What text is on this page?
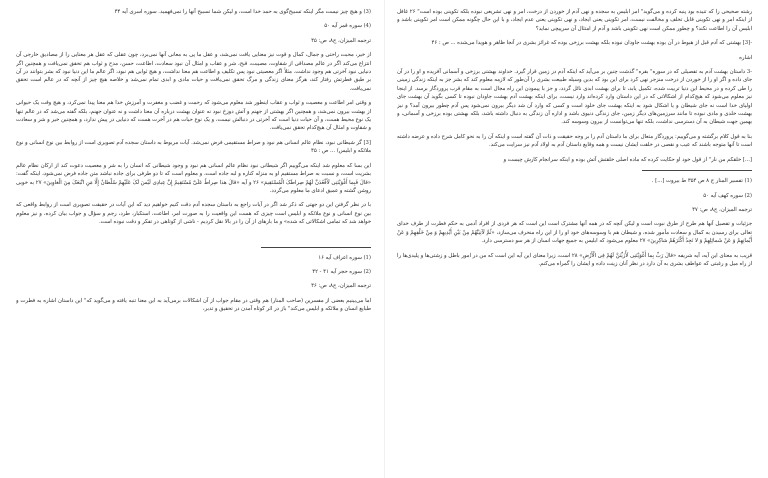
(3) و هیچ چیز نیست مگر اینکه تسبیح‌گوی به حمد خدا است، و لیکن شما تسبیح آنها را نمی‌فهمید. سوره اسری آیه ۴۴

(4) سوره قمر آیه ۵۰

ترجمه المیزان، ج۸، ص: ۴۵

از خیر، محبت راحتی و جمال، کمال و قوت نیز معنایی یافت نمی‌شد، و عقل ما پی به معانی آنها نمی‌برد، چون عقلی که عقل هر معنایی را از مصادیق خارجی آن انتزاع می‌کند اگر در عالم مصداقی از شقاوت، مصیبت، قبح، شر و عقاب و امثال آن نبود سعادت، اطاعت، حسن، مدح و ثواب هم تحقق نمی‌یافت و همچنین اگر دنیایی نبود آخرتی هم وجود نداشت. مثلاً اگر معصیتی نبود پس تکلیف و اطاعت هم معنا نداشت، و هیچ ثوابی هم نبود، اگر عالم ما این دنیا نبود که بشر بتوانند در آن بر طبق فطرتش رفتار کند، هرگز معنای زندگی و مرگ تحقق نمی‌یافت و حیات مادی و ابدی تمام نمی‌شد و خلاصه هیچ چیز از آنچه که در عالم است تحقق نمی‌یافت.

و وقتی امر اطاعت و معصیت و ثواب و عقاب اینطور شد معلوم می‌شود که رحمت و غضب و مغفرت و آمرزش خدا هم معنا پیدا نمی‌کرد، و هیچ وقت یک حیوانی از بهشت بیرون نمی‌شد، و همچنین اگر بهشتی از جهنم و آتش دوزخ نبود نه عنوان بهشت درباره آن معنا داشت و نه عنوان جهنم، بلکه گفته می‌شد که در عالم تنها یک نوع محیط هست، و آن حیات دنیا است که آخرتی در دنبالش نیست، و یک نوع حیات هم در آخرت هست که دنیایی در پیش ندارد، و همچنین خیر و شر و سعادت و شقاوت و امثال آن هیچ‌کدام تحقق نمی‌یافت.

[3] گر شیطانی نبود، نظام عالم انسانی هم نبود و صراط مستقیمی فرض نمی‌شد. آیات مربوط به داستان سجده آدم تصویری است از روابط بین نوع انسانی و نوع ملائکه و ابلیس) ... ص : ۴۵

این بسا که معلوم شد اینکه می‌گوییم اگر شیطانی نبود نظام عالم انسانی هم نبود و وجود شیطانی که انسان را به شر و معصیت دعوت کند از ارکان نظام عالم بشریت است، و نسبت به صراط مستقیم او به منزله کناره و لبه جاده است، و معلوم است که تا دو طرفی برای جاده نباشد متن جاده فرض نمی‌شود، اینکه گفت: «قالَ فَبِما أَغْوَیْتَنِی لَأَقْعُدَنَّ لَهُمْ صِراطَکَ الْمُسْتَقِیمَ» ۲۶ و آیه «قالَ هذا صِراطٌ عَلَیَّ مُسْتَقِیمٌ إِنَّ عِبادِی لَیْسَ لَکَ عَلَیْهِمْ سُلْطانٌ إِلَّا مَنِ اتَّبَعَکَ مِنَ الْغاوِینَ» ۲۷ به خوبی روشن گشته و عمیق ادعای ما معلوم می‌گردد.

با در نظر گرفتن این دو جهتی که ذکر شد اگر در آیات راجع به داستان سجده آدم دقت کنیم خواهیم دید که این آیات در حقیقت تصویری است از روابط واقعی که بین نوع انسانی و نوع ملائکه و ابلیس است چیزی که هست این واقعیت را به صورت امر، اطاعت، استکبار، طرد، رجم و سؤال و جواب بیان کرده، و نیز معلوم خواهد شد که تمامی اشکالاتی که شده» و ما بارهای از آن را در بالا نقل کردیم - ناشی از کوتاهی در تفکر و دقت نبوده است.

(1) سوره اعراف آیه ۱۶

(2) سوره حجر آیه ۴۱ - ۴۲

ترجمه المیزان، ج۸، ص: ۴۶

اما می‌بینیم بعضی از مفسرین (صاحب المنار) هم وقتی در مقام جواب از آن اشکالات برمی‌آید به این معنا تنبه یافته و می‌گوید که" این داستان اشاره به فطرت و طبایع انسان و ملائکه و ابلیس می‌کند" باز در اثر کوتاه آمدن در تحقیق و تدبر،

رشته صحیحی را که تنیده بود پنبه کرده و می‌گوید" امر ابلیس به سجده و نهی آدم از خوردن از درخت، امر و نهی تشریعی نبوده بلکه تکوینی بوده است" ۲۶ غافل از اینکه امر و نهی تکوینی قابل تخلف و مخالفت نیست، امر تکوینی یعنی ایجاد، و نهی تکوینی یعنی عدم ایجاد، و با این حال چگونه ممکن است امر تکوینی باشد و ابلیس آن را اطاعت نکند؟ و چطور ممکن است نهی تکوینی باشد و آدم از امتثال آن سرپیچی نماید؟

-[3] بهشتی که آدم قبل از هبوط در آن بوده بهشت جاودان نبوده بلکه بهشت برزخی بوده که غرائز بشری در آنجا ظاهر و هویدا می‌شده ... ص : ۴۶

اشاره

-3 داستان بهشت آدم به تفصیلی که در سوره" بقره" گذشت چنین بر می‌آید که اینکه آدم در زمین قرار گیرد. خداوند بهشتی برزخی و آسمانی آفریده و او را در آن جای داده و اگر او را از خوردن از درخت منزجر نهی کرد برای این بود که بدین وسیله طبیعت بشری را آن‌طور که لازمه معلوم کند که بشر جز به اینکه زندگی زمینی را طی کرده و در محیط این دنیا تربیت شده، تکمیل یابد، تا برای بهشت ابدی نائل گردد، و جز با پیمودن این راه مجال است به مقام قرب پروردگار برسد. از اینجا نیز معلوم می‌شود که هیچ‌کدام از اشکالاتی که در این داستان وارد کرده‌اند وارد نیست، برای اینکه بهشت آدم بهشت جاودان نبوده تا کسی بگوید آن بهشت جای اولیای خدا است نه جای شیطان و یا اشکال شود به اینکه بهشت جای خلود است و کسی که وارد آن شد دیگر بیرون نمی‌شود پس آدم چطور بیرون آمد؟ و نیز بهشت خلدی و مادی نبوده تا مانند سرزمین‌های دیگر زمین، جای زندگی دنیوی باشد و اداره آن زندگی به دنبال داشته باشد، بلکه بهشتی بوده برزخی و آسمانی، و بهمین جهت شیطان به آن دسترسی نداشت، بلکه تنها می‌توانست از بیرون وسوسه کند.

بنا به قول کلام برگشته و می‌گوییم: پروردگار متعال برای ما داستان آدم را بر وجه حقیقت و ذات آن گفته است و اینکه آن را به نحو کامل شرح داده و عرضه داشته است تا آنها متوجه باشند که عیب و نقصی در خلقت ایشان نیست و همه وقایع داستان آدم به اولاد آدم نیز سرایت می‌کند.

[...] خلقکم من نار" از قول خود او حکایت کرده که ماده اصلی خلقتش آتش بوده و اینکه سرانجام کارش چیست و

(1) تفسیر المنار ج ۸ ص ۳۵۴ ط بیروت [...] .

(2) سوره کهف آیه ۵۰

ترجمه المیزان، ج۸، ص: ۴۷

جزئیات و تفصیل آنها هم طرح از طرق نبوت است و لیکن آنچه که در همه آنها مشترک است این است که هر فردی از افراد آدمی به حکم فطرت از طرف خدای تعالی برای رسیدن به کمال و سعادت مأمور شده، و شیطان هم با وسوسه‌های خود او را از این راه منحرف می‌سازد، «ثُمَّ لَآتِیَنَّهُمْ مِنْ بَیْنِ أَیْدِیهِمْ وَ مِنْ خَلْفِهِمْ وَ عَنْ أَیْمانِهِمْ وَ عَنْ شَمائِلِهِمْ وَ لا تَجِدُ أَکْثَرَهُمْ شاکِرِینَ» ۲۷ معلوم می‌شود که ابلیس به جمیع جهات انسان از هر سو دسترسی دارد.

قریب به معنای این آیه، آیه شریفه «قالَ رَبِّ بِما أَغْوَیْتَنِی لَأُزَیِّنَنَّ لَهُمْ فِی الْأَرْضِ» ۲۸ است، زیرا معنای این آیه این است که من در امور باطل و زشتی‌ها و پلیدی‌ها را از راه میل و رغبتی که عواطف بشری به آن دارد در نظر آنان زینت داده و ایشان را گمراه می‌کنم.
